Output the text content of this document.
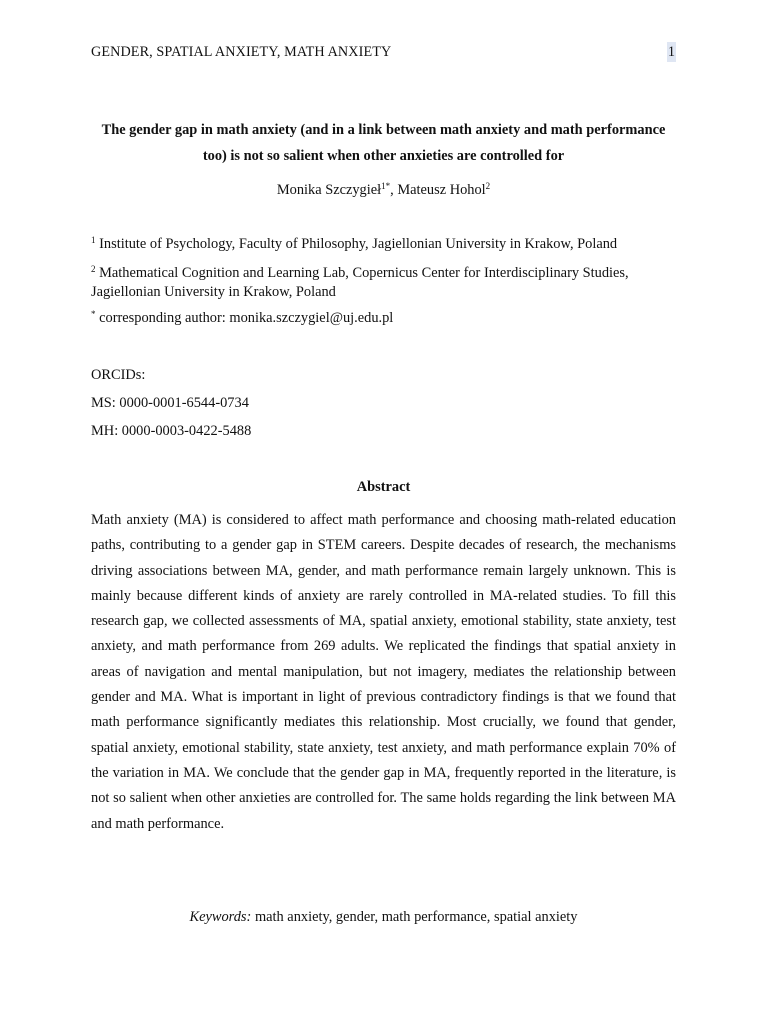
GENDER, SPATIAL ANXIETY, MATH ANXIETY	1
The gender gap in math anxiety (and in a link between math anxiety and math performance too) is not so salient when other anxieties are controlled for
Monika Szczygieł$^{1*}$, Mateusz Hohol$^2$
$^1$ Institute of Psychology, Faculty of Philosophy, Jagiellonian University in Krakow, Poland
$^2$ Mathematical Cognition and Learning Lab, Copernicus Center for Interdisciplinary Studies, Jagiellonian University in Krakow, Poland
* corresponding author: monika.szczygiel@uj.edu.pl
ORCIDs:
MS: 0000-0001-6544-0734
MH: 0000-0003-0422-5488
Abstract
Math anxiety (MA) is considered to affect math performance and choosing math-related education paths, contributing to a gender gap in STEM careers. Despite decades of research, the mechanisms driving associations between MA, gender, and math performance remain largely unknown. This is mainly because different kinds of anxiety are rarely controlled in MA-related studies. To fill this research gap, we collected assessments of MA, spatial anxiety, emotional stability, state anxiety, test anxiety, and math performance from 269 adults. We replicated the findings that spatial anxiety in areas of navigation and mental manipulation, but not imagery, mediates the relationship between gender and MA. What is important in light of previous contradictory findings is that we found that math performance significantly mediates this relationship. Most crucially, we found that gender, spatial anxiety, emotional stability, state anxiety, test anxiety, and math performance explain 70% of the variation in MA. We conclude that the gender gap in MA, frequently reported in the literature, is not so salient when other anxieties are controlled for. The same holds regarding the link between MA and math performance.
Keywords: math anxiety, gender, math performance, spatial anxiety
